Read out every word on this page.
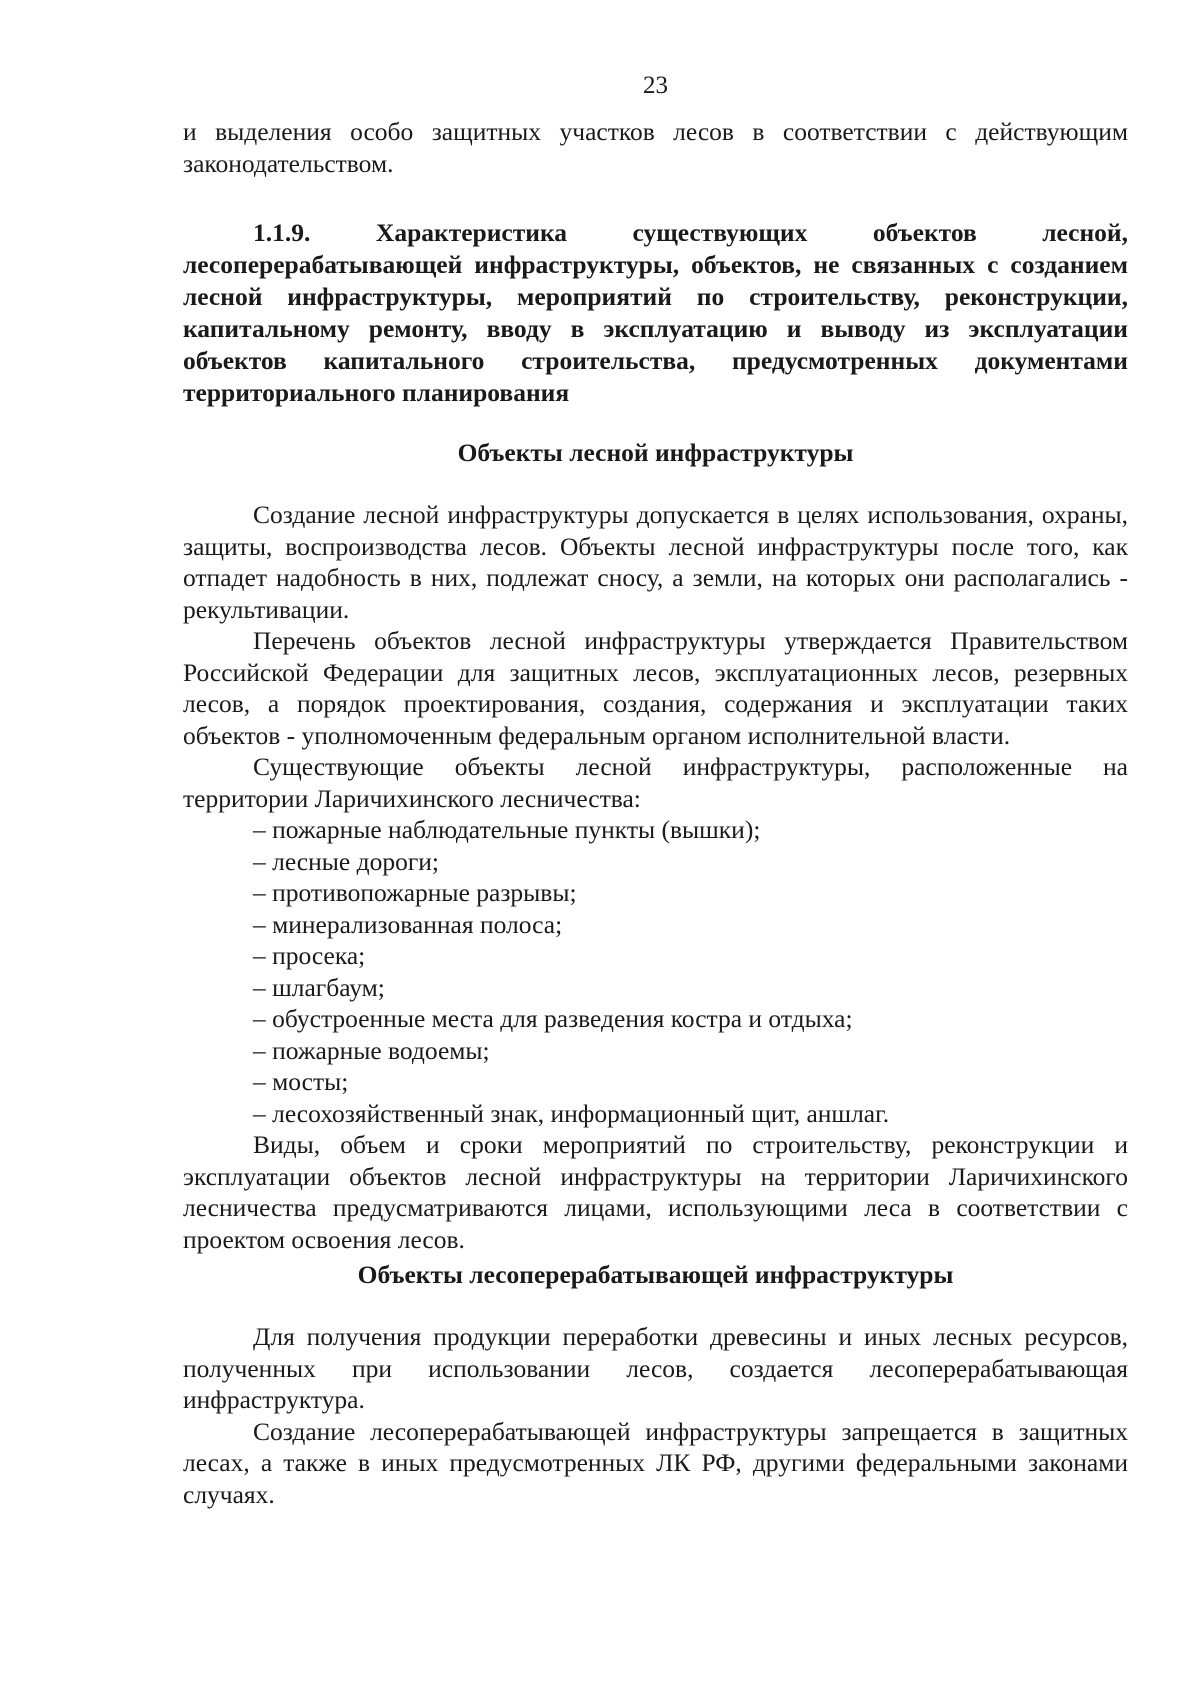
23

и выделения особо защитных участков лесов в соответствии с действующим законодательством.

1.1.9.	Характеристика существующих объектов лесной, лесоперерабатывающей инфраструктуры, объектов, не связанных с созданием лесной инфраструктуры, мероприятий по строительству, реконструкции, капитальному ремонту, вводу в эксплуатацию и выводу из эксплуатации объектов капитального строительства, предусмотренных документами территориального планирования
Объекты лесной инфраструктуры

Создание лесной инфраструктуры допускается в целях использования, охраны, защиты, воспроизводства лесов. Объекты лесной инфраструктуры после того, как отпадет надобность в них, подлежат сносу, а земли, на которых они располагались - рекультивации.

Перечень объектов лесной инфраструктуры утверждается Правительством Российской Федерации для защитных лесов, эксплуатационных лесов, резервных лесов, а порядок проектирования, создания, содержания и эксплуатации таких объектов - уполномоченным федеральным органом исполнительной власти.

Существующие объекты лесной инфраструктуры, расположенные на территории Ларичихинского лесничества:

– пожарные наблюдательные пункты (вышки);
– лесные дороги;
– противопожарные разрывы;
– минерализованная полоса;
– просека;
– шлагбаум;
– обустроенные места для разведения костра и отдыха;
– пожарные водоемы;
– мосты;
– лесохозяйственный знак, информационный щит, аншлаг.

Виды, объем и сроки мероприятий по строительству, реконструкции и эксплуатации объектов лесной инфраструктуры на территории Ларичихинского лесничества предусматриваются лицами, использующими леса в соответствии с проектом освоения лесов.

Объекты лесоперерабатывающей инфраструктуры

Для получения продукции переработки древесины и иных лесных ресурсов, полученных при использовании лесов, создается лесоперерабатывающая инфраструктура.

Создание лесоперерабатывающей инфраструктуры запрещается в защитных лесах, а также в иных предусмотренных ЛК РФ, другими федеральными законами случаях.
